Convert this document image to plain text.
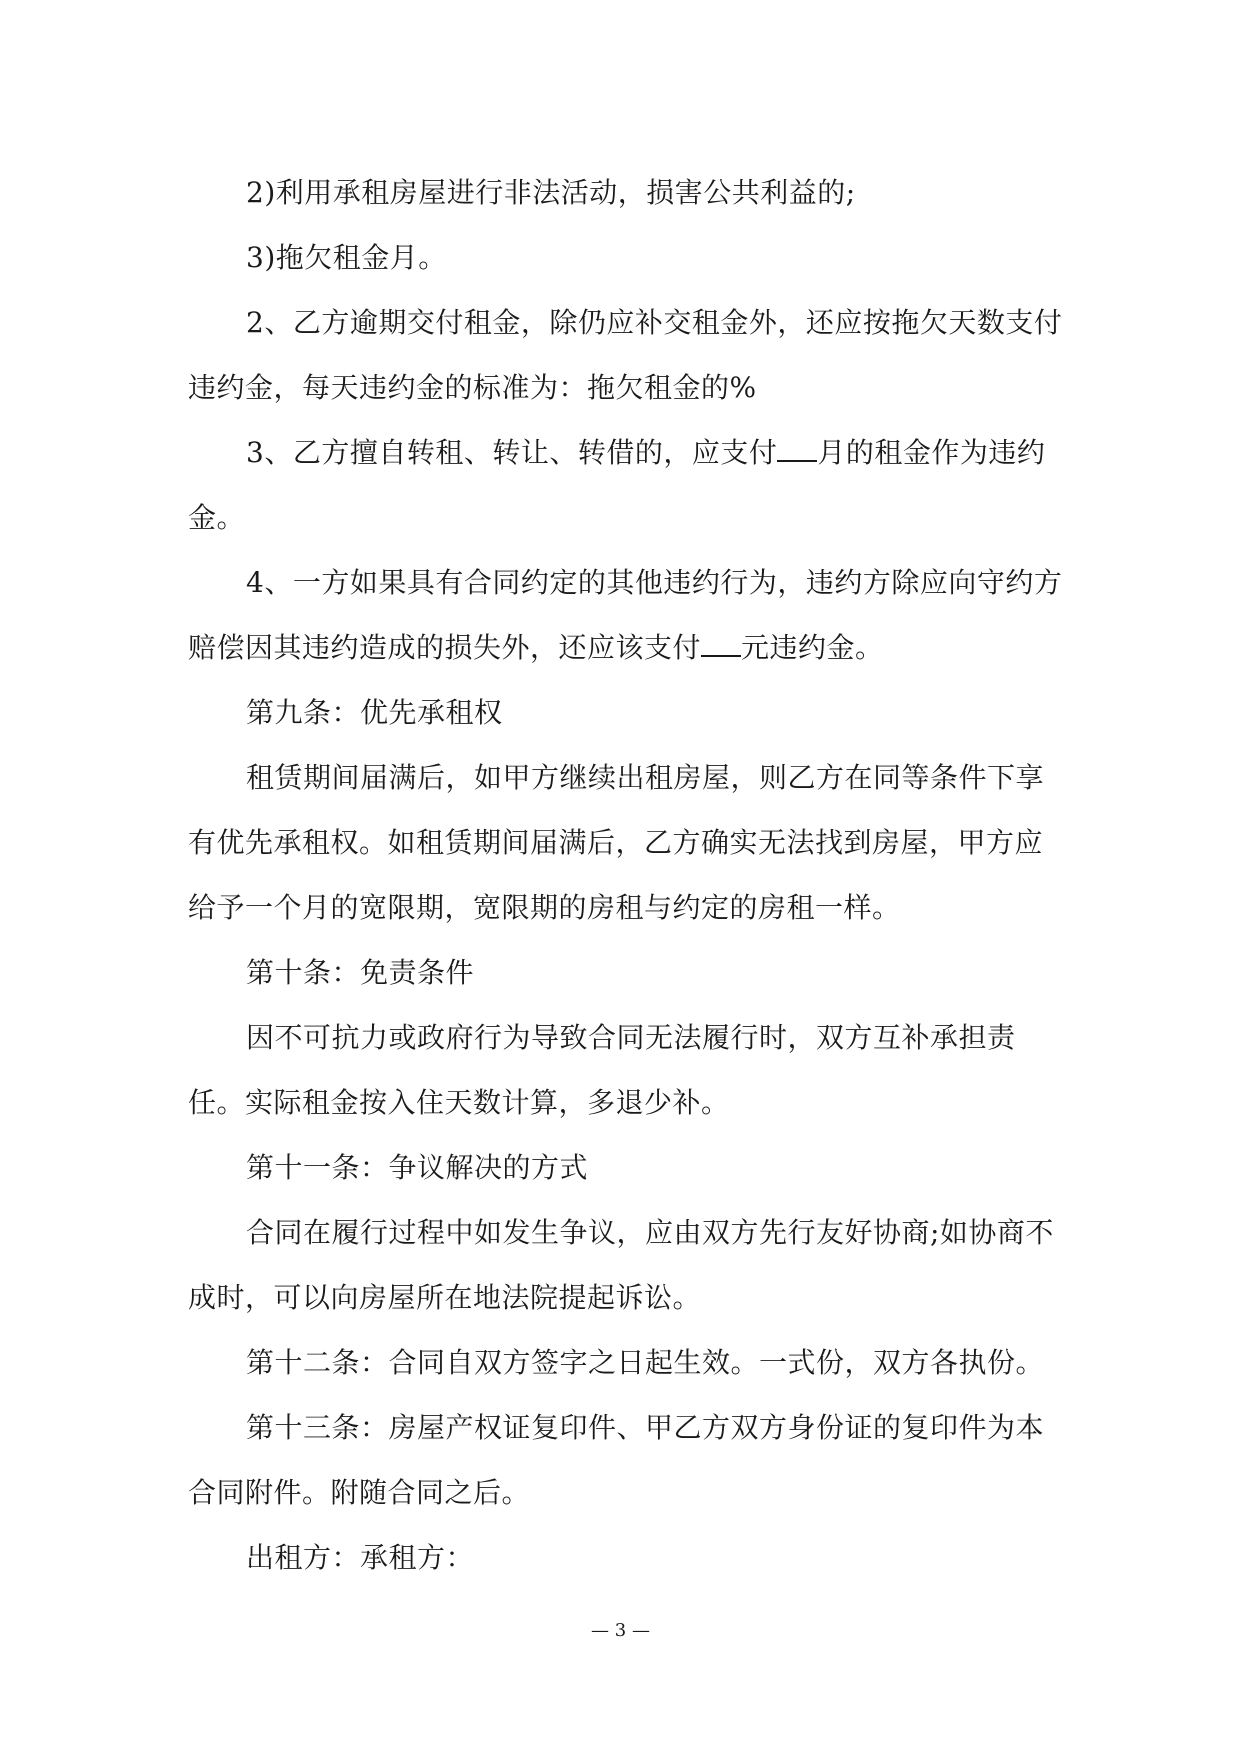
2)利用承租房屋进行非法活动，损害公共利益的;

3)拖欠租金月。

2、乙方逾期交付租金，除仍应补交租金外，还应按拖欠天数支付违约金，每天违约金的标准为：拖欠租金的%

3、乙方擅自转租、转让、转借的，应支付 月的租金作为违约金。

4、一方如果具有合同约定的其他违约行为，违约方除应向守约方赔偿因其违约造成的损失外，还应该支付 元违约金。

第九条：优先承租权

租赁期间届满后，如甲方继续出租房屋，则乙方在同等条件下享有优先承租权。如租赁期间届满后，乙方确实无法找到房屋，甲方应给予一个月的宽限期，宽限期的房租与约定的房租一样。

第十条：免责条件

因不可抗力或政府行为导致合同无法履行时，双方互补承担责任。实际租金按入住天数计算，多退少补。

第十一条：争议解决的方式

合同在履行过程中如发生争议，应由双方先行友好协商;如协商不成时，可以向房屋所在地法院提起诉讼。

第十二条：合同自双方签字之日起生效。一式份，双方各执份。

第十三条：房屋产权证复印件、甲乙方双方身份证的复印件为本合同附件。附随合同之后。

出租方：承租方：

— 3 —
